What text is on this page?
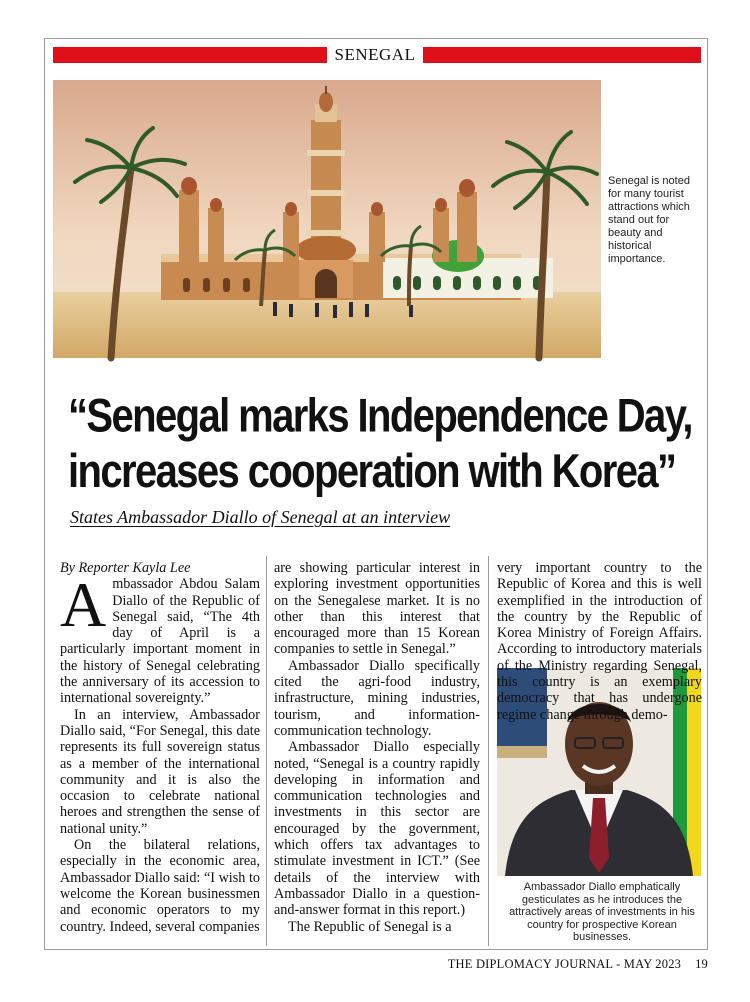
SENEGAL
Senegal is noted for many tourist attractions which stand out for beauty and historical importance.
“Senegal marks Independence Day,
increases cooperation with Korea”

States Ambassador Diallo of Senegal at an interview

By Reporter Kayla Lee

Ambassador Abdou Salam Diallo of the Republic of Senegal said, “The 4th day of April is a particularly important moment in the history of Senegal celebrating the anniversary of its accession to international sovereignty.”

In an interview, Ambassador Diallo said, “For Senegal, this date represents its full sovereign status as a member of the international community and it is also the occasion to celebrate national heroes and strengthen the sense of national unity.”

On the bilateral relations, especially in the economic area, Ambassador Diallo said: “I wish to welcome the Korean businessmen and economic operators to my country. Indeed, several companies

Ambassador Diallo emphatically gesticulates as he introduces the attractively areas of investments in his country for prospective Korean businesses.
THE DIPLOMACY JOURNAL - MAY 2023 19

are showing particular interest in exploring investment opportunities on the Senegalese market. It is no other than this interest that encouraged more than 15 Korean companies to settle in Senegal.”

Ambassador Diallo specifically cited the agri-food industry, infrastructure, mining industries, tourism, and information-communication technology.

Ambassador Diallo especially noted, “Senegal is a country rapidly developing in information and communication technologies and investments in this sector are encouraged by the government, which offers tax advantages to stimulate investment in ICT.” (See details of the interview with Ambassador Diallo in a question-and-answer format in this report.)

The Republic of Senegal is a

very important country to the Republic of Korea and this is well exemplified in the introduction of the country by the Republic of Korea Ministry of Foreign Affairs. According to introductory materials of the Ministry regarding Senegal, this country is an exemplary democracy that has undergone regime change through demo-
